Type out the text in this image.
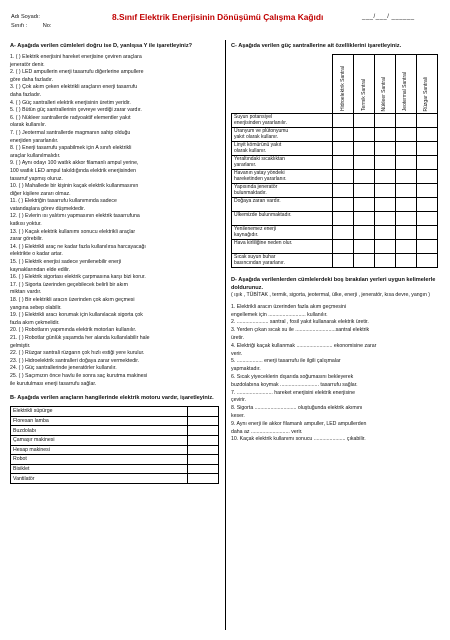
Adı Soyadı:
Sınıfı :	No:
8.Sınıf Elektrik Enerjisinin Dönüşümü Çalışma Kağıdı	___/___/ ______
A- Aşağıda verilen cümleleri doğru ise D, yanlışsa Y ile işaretleyiniz?
1. ( ) Elektrik enerjisini hareket enerjisine çeviren araçlara
jeneratör denir.
2. ( ) LED ampullerin enerji tasarrufu diğerlerine ampullere
göre daha fazladır.
3. ( ) Çok akım çeken elektrikli araçların enerji tasarrufu
daha fazladır.
4. ( ) Güç santralleri elektrik enerjisinin üretim yeridir.
5. ( ) Bütün güç santrallerinin çevreye verdiği zarar vardır.
6. ( ) Nükleer santrallerde radyoaktif elementler yakıt
olarak kullanılır.
7. ( ) Jeotermal santrallerde magmanın sahip olduğu
enerjiden yararlanılır.
8. ( ) Enerji tasarrufu yapabilmek için A sınıfı elektrikli
araçlar kullanılmalıdır.
9. ( ) Aynı odayı 100 watlık akkor filamanlı ampul yerine,
100 watlık LED ampul takıldığında elektrik enerjisinden
tasarruf yapmış oluruz.
10. ( ) Mahallede bir kişinin kaçak elektrik kullanmasının
diğer kişilere zararı olmaz.
11. ( ) Elektriğin tasarrufu kullanımında sadece
vatandaşlara görev düşmektedir.
12. ( ) Evlerin ısı yalıtımı yapmasının elektrik tasarrufuna
katkısı yoktur.
13. ( ) Kaçak elektrik kullanımı sonucu elektrikli araçlar
zarar görebilir.
14. ( ) Elektrikli araç ne kadar fazla kullanılırsa harcayacağı
elektrikte o kadar artar.
15. ( ) Elektrik enerjisi sadece yenilenebilir enerji
kaynaklarından elde edilir.
16. ( ) Elektrik sigortası elektrik çarpmasına karşı bizi korur.
17. ( ) Sigorta üzerinden geçebilecek belirli bir akım
miktarı vardır.
18. ( ) Bir elektrikli aracın üzerinden çok akım geçmesi
yangına sebep olabilir.
19. ( ) Elektrikli aracı korumak için kullanılacak sigorta çok
fazla akım çekmelidir.
20. ( ) Robotların yapımında elektrik motorları kullanılır.
21. ( ) Robotlar günlük yaşamda her alanda kullanılabilir hale
gelmiştir.
22. ( ) Rüzgar santrali rüzgarın çok hızlı estiği yere kurulur.
23. ( ) Hidroelektrik santralleri doğaya zarar vermektedir.
24. ( ) Güç santrallerinde jeneratörler kullanılır.
25. ( ) Saçımızın önce havlu ile sonra saç kurutma makinesi
ile kurutulması enerji tasarrufu sağlar.
B- Aşağıda verilen araçların hangilerinde elektrik motoru vardır, işaretleyiniz.
Elektrikli süpürge	
Floresan lamba	
Buzdolabı	
Çamaşır makinesi	
Hesap makinesi	
Robot	
Bisiklet	
Vantilatör	
C- Aşağıda verilen güç santrallerine ait özelliklerini işaretleyiniz.

	Hidroelektrik Santral	Termik Santral	Nükleer Santral	Jeotermal Santral	Rüzgar Santrali

Suyun potansiyel
enerjisinden yararlanılır.					

Uranyum ve plütonyumu
yakıt olarak kullanır.					

Linyit kömürünü yakıt
olarak kullanır.					

Yeraltındaki sıcaklıktan
yararlanır.					

Havanın yatay yöndeki
hareketinden yararlanır.					

Yapısında jeneratör
bulunmaktadır.					

Doğaya zararı vardır.					

Ülkemizde bulunmaktadır.					

Yenilenemez enerji
kaynağıdır.					

Hava kirliliğine neden olur.					

Sıcak suyun buhar
basıncından yararlanır.					

D- Aşağıda verilenlerden cümlelerdeki boş bırakılan yerleri uygun kelimelerle doldurunuz.
( ışık , TÜBİTAK , termik, sigorta, jeotermal, ülke, enerji , jeneratör, kısa devre, yangın )
1. Elektrikli aracın üzerinden fazla akım geçmesini
engellemek için .......................... kullanılır.
2. ...................... santral , fosil yakıt kullanarak elektrik üretir.
3. Yerden çıkan sıcak su ile ............................santral elektrik
üretir.
4. Elektriği kaçak kullanmak ......................... ekonomisine zarar
verir.
5. .................. enerji tasarrufu ile ilgili çalışmalar
yapmaktadır.
6. Sıcak yiyeceklerin dışarıda soğumasını bekleyerek
buzdolabına koymak ........................... tasarrufu sağlar.
7. ......................... hareket enerjisini elektrik enerjisine
çevirir.
8. Sigorta ............................. oluştuğunda elektrik akımını
keser.
9. Aynı enerji ile akkor filamanlı ampuller, LED ampullerden
daha az ........................... verir.
10. Kaçak elektrik kullanımı sonucu ...................... çıkabilir.
